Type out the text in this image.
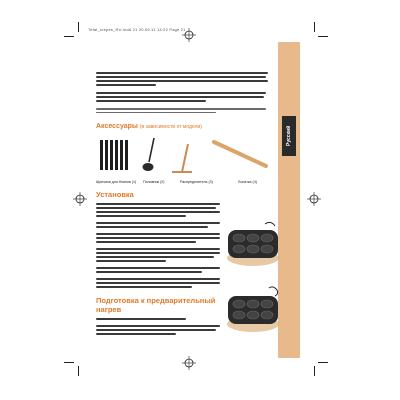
Tefal_crepes_RU.indd 21 20.09.11 14:22 Page 21
Русский
Аксессуары (в зависимости от модели)
Щипчики для блинов (1) Половник (2)	Распределитель (3)	Лопатка (4)
Установка
Подготовка к предварительный
нагрев
